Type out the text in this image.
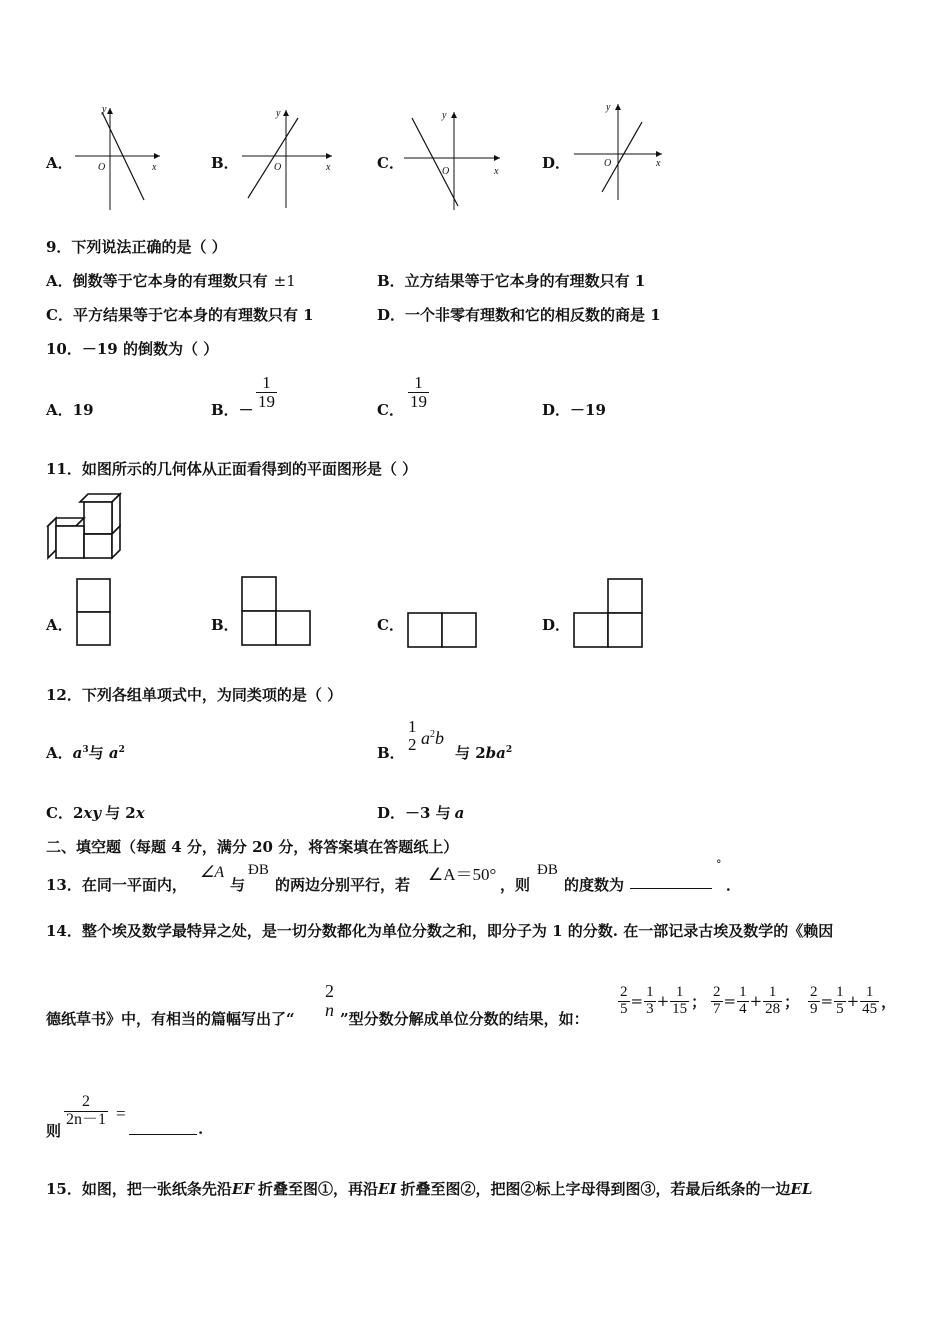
A．
y
x
O	B．
y
x
O	C．
y
x
O	D．
y
x
O
9．下列说法正确的是（ ）
A．倒数等于它本身的有理数只有 ±1	B．立方结果等于它本身的有理数只有 1
C．平方结果等于它本身的有理数只有 1	D．一个非零有理数和它的相反数的商是 1
10．－19 的倒数为（ ）
A．19	B．－ $\frac{1}{19}$	C． $\frac{1}{19}$	D．－19
11．如图所示的几何体从正面看得到的平面图形是（ ）
A．	B．	C．	D．
12．下列各组单项式中，为同类项的是（ ）
A．$a^3$与 $a^2$	B．
1
2 $a^2b$
与 $2ba^2$
C．2xy 与 2x	D．－3 与 a
二、填空题（每题 4 分，满分 20 分，将答案填在答题纸上）
13．在同一平面内，
∠A
与
ÐB
的两边分别平行，若
∠A＝50°
，则
ÐB
的度数为
°
．
14．整个埃及数学最特异之处，是一切分数都化为单位分数之和，即分子为 1 的分数. 在一部记录古埃及数学的《赖因
德纸草书》中，有相当的篇幅写出了“
2
n ”型分数分解成单位分数的结果，如：
$\frac{2}{5} = \frac{1}{3} + \frac{1}{15}$ ； $\frac{2}{7} = \frac{1}{4} + \frac{1}{28}$ ； $\frac{2}{9} = \frac{1}{5} + \frac{1}{45}$ ，
则
$\frac{2}{2n-1}$ =
.
15．如图，把一张纸条先沿EF 折叠至图①，再沿EI 折叠至图②，把图②标上字母得到图③，若最后纸条的一边EL
